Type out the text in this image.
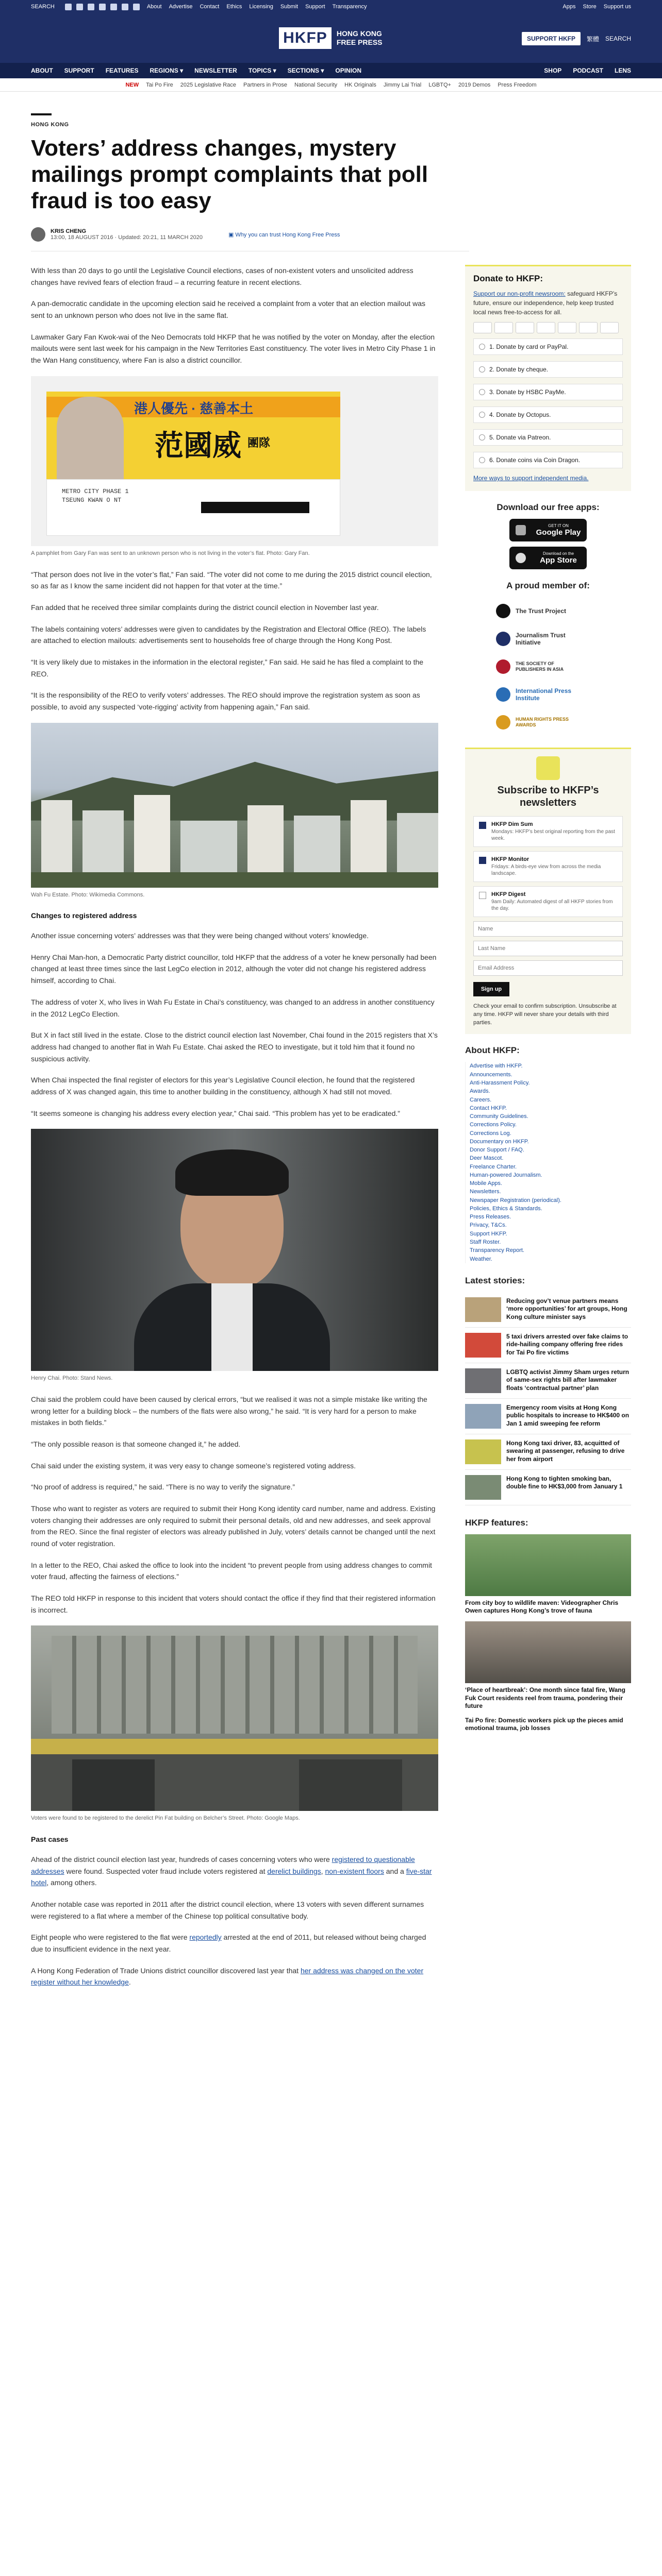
SEARCH	About Advertise Contact Ethics Licensing Submit Support Transparency	Apps Store Support us
HKFP	HONG KONG FREE PRESS	SUPPORT HKFP	繁體 SEARCH
ABOUT SUPPORT FEATURES REGIONS ▾ NEWSLETTER TOPICS ▾ SECTIONS ▾ OPINION	SHOP PODCAST LENS
NEW Tai Po Fire 2025 Legislative Race Partners in Prose National Security HK Originals Jimmy Lai Trial LGBTQ+ 2019 Demos Press Freedom
HONG KONG
Voters’ address changes, mystery mailings prompt complaints that poll fraud is too easy
KRIS CHENG
13:00, 18 AUGUST 2016 · Updated: 20:21, 11 MARCH 2020	▣ Why you can trust Hong Kong Free Press

With less than 20 days to go until the Legislative Council elections, cases of non-existent voters and unsolicited address changes have revived fears of election fraud – a recurring feature in recent elections.

A pan-democratic candidate in the upcoming election said he received a complaint from a voter that an election mailout was sent to an unknown person who does not live in the same flat.

Lawmaker Gary Fan Kwok-wai of the Neo Democrats told HKFP that he was notified by the voter on Monday, after the election mailouts were sent last week for his campaign in the New Territories East constituency. The voter lives in Metro City Phase 1 in the Wan Hang constituency, where Fan is also a district councillor.

港人優先 · 慈善本土
范國威 團隊
METRO CITY PHASE 1
TSEUNG KWAN O NT
A pamphlet from Gary Fan was sent to an unknown person who is not living in the voter’s flat. Photo: Gary Fan.

“That person does not live in the voter’s flat,” Fan said. “The voter did not come to me during the 2015 district council election, so as far as I know the same incident did not happen for that voter at the time.”

Fan added that he received three similar complaints during the district council election in November last year.

The labels containing voters’ addresses were given to candidates by the Registration and Electoral Office (REO). The labels are attached to election mailouts: advertisements sent to households free of charge through the Hong Kong Post.

“It is very likely due to mistakes in the information in the electoral register,” Fan said. He said he has filed a complaint to the REO.

“It is the responsibility of the REO to verify voters’ addresses. The REO should improve the registration system as soon as possible, to avoid any suspected ‘vote-rigging’ activity from happening again,” Fan said.

Wah Fu Estate. Photo: Wikimedia Commons.
Changes to registered address

Another issue concerning voters’ addresses was that they were being changed without voters’ knowledge.

Henry Chai Man-hon, a Democratic Party district councillor, told HKFP that the address of a voter he knew personally had been changed at least three times since the last LegCo election in 2012, although the voter did not change his registered address himself, according to Chai.

The address of voter X, who lives in Wah Fu Estate in Chai’s constituency, was changed to an address in another constituency in the 2012 LegCo Election.

But X in fact still lived in the estate. Close to the district council election last November, Chai found in the 2015 registers that X’s address had changed to another flat in Wah Fu Estate. Chai asked the REO to investigate, but it told him that it found no suspicious activity.

When Chai inspected the final register of electors for this year’s Legislative Council election, he found that the registered address of X was changed again, this time to another building in the constituency, although X had still not moved.

“It seems someone is changing his address every election year,” Chai said. “This problem has yet to be eradicated.”

Henry Chai. Photo: Stand News.

Chai said the problem could have been caused by clerical errors, “but we realised it was not a simple mistake like writing the wrong letter for a building block – the numbers of the flats were also wrong,” he said. “It is very hard for a person to make mistakes in both fields.”

“The only possible reason is that someone changed it,” he added.

Chai said under the existing system, it was very easy to change someone’s registered voting address.

“No proof of address is required,” he said. “There is no way to verify the signature.”

Those who want to register as voters are required to submit their Hong Kong identity card number, name and address. Existing voters changing their addresses are only required to submit their personal details, old and new addresses, and seek approval from the REO. Since the final register of electors was already published in July, voters’ details cannot be changed until the next round of voter registration.

In a letter to the REO, Chai asked the office to look into the incident “to prevent people from using address changes to commit voter fraud, affecting the fairness of elections.”

The REO told HKFP in response to this incident that voters should contact the office if they find that their registered information is incorrect.

Voters were found to be registered to the derelict Pin Fat building on Belcher’s Street. Photo: Google Maps.
Past cases

Ahead of the district council election last year, hundreds of cases concerning voters who were registered to questionable addresses were found. Suspected voter fraud include voters registered at derelict buildings, non-existent floors and a five-star hotel, among others.

Another notable case was reported in 2011 after the district council election, where 13 voters with seven different surnames were registered to a flat where a member of the Chinese top political consultative body.

Eight people who were registered to the flat were reportedly arrested at the end of 2011, but released without being charged due to insufficient evidence in the next year.

A Hong Kong Federation of Trade Unions district councillor discovered last year that her address was changed on the voter register without her knowledge.

Donate to HKFP:

Support our non-profit newsroom: safeguard HKFP’s future, ensure our independence, help keep trusted local news free-to-access for all.

1. Donate by card or PayPal.
2. Donate by cheque.
3. Donate by HSBC PayMe.
4. Donate by Octopus.
5. Donate via Patreon.
6. Donate coins via Coin Dragon.
More ways to support independent media.
Download our free apps:
GET IT ON
Google Play
Download on the
App Store
A proud member of:
The Trust Project
Journalism Trust Initiative
THE SOCIETY OF PUBLISHERS IN ASIA
International Press Institute
HUMAN RIGHTS PRESS AWARDS
Subscribe to HKFP’s newsletters
HKFP Dim Sum
Mondays: HKFP’s best original reporting from the past week.
HKFP Monitor
Fridays: A birds-eye view from across the media landscape.
HKFP Digest
9am Daily: Automated digest of all HKFP stories from the day.
Name Last Name Email Address
Sign up
Check your email to confirm subscription. Unsubscribe at any time. HKFP will never share your details with third parties.
About HKFP:
Advertise with HKFP.
Announcements.
Anti-Harassment Policy.
Awards.
Careers.
Contact HKFP.
Community Guidelines.
Corrections Policy.
Corrections Log.
Documentary on HKFP.
Donor Support / FAQ.
Deer Mascot.
Freelance Charter.
Human-powered Journalism.
Mobile Apps.
Newsletters.
Newspaper Registration (periodical).
Policies, Ethics & Standards.
Press Releases.
Privacy, T&Cs.
Support HKFP.
Staff Roster.
Transparency Report.
Weather.
Latest stories:
Reducing gov’t venue partners means ‘more opportunities’ for art groups, Hong Kong culture minister says
5 taxi drivers arrested over fake claims to ride-hailing company offering free rides for Tai Po fire victims
LGBTQ activist Jimmy Sham urges return of same-sex rights bill after lawmaker floats ‘contractual partner’ plan
Emergency room visits at Hong Kong public hospitals to increase to HK$400 on Jan 1 amid sweeping fee reform
Hong Kong taxi driver, 83, acquitted of swearing at passenger, refusing to drive her from airport
Hong Kong to tighten smoking ban, double fine to HK$3,000 from January 1
HKFP features:
From city boy to wildlife maven: Videographer Chris Owen captures Hong Kong’s trove of fauna
‘Place of heartbreak’: One month since fatal fire, Wang Fuk Court residents reel from trauma, pondering their future
Tai Po fire: Domestic workers pick up the pieces amid emotional trauma, job losses
